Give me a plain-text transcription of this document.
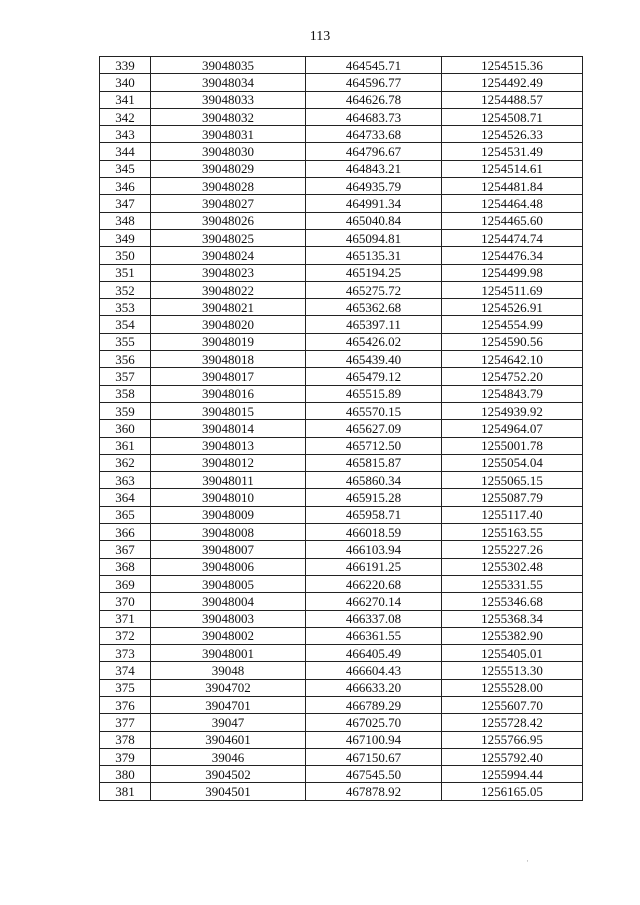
113
339	39048035	464545.71	1254515.36
340	39048034	464596.77	1254492.49
341	39048033	464626.78	1254488.57
342	39048032	464683.73	1254508.71
343	39048031	464733.68	1254526.33
344	39048030	464796.67	1254531.49
345	39048029	464843.21	1254514.61
346	39048028	464935.79	1254481.84
347	39048027	464991.34	1254464.48
348	39048026	465040.84	1254465.60
349	39048025	465094.81	1254474.74
350	39048024	465135.31	1254476.34
351	39048023	465194.25	1254499.98
352	39048022	465275.72	1254511.69
353	39048021	465362.68	1254526.91
354	39048020	465397.11	1254554.99
355	39048019	465426.02	1254590.56
356	39048018	465439.40	1254642.10
357	39048017	465479.12	1254752.20
358	39048016	465515.89	1254843.79
359	39048015	465570.15	1254939.92
360	39048014	465627.09	1254964.07
361	39048013	465712.50	1255001.78
362	39048012	465815.87	1255054.04
363	39048011	465860.34	1255065.15
364	39048010	465915.28	1255087.79
365	39048009	465958.71	1255117.40
366	39048008	466018.59	1255163.55
367	39048007	466103.94	1255227.26
368	39048006	466191.25	1255302.48
369	39048005	466220.68	1255331.55
370	39048004	466270.14	1255346.68
371	39048003	466337.08	1255368.34
372	39048002	466361.55	1255382.90
373	39048001	466405.49	1255405.01
374	39048	466604.43	1255513.30
375	3904702	466633.20	1255528.00
376	3904701	466789.29	1255607.70
377	39047	467025.70	1255728.42
378	3904601	467100.94	1255766.95
379	39046	467150.67	1255792.40
380	3904502	467545.50	1255994.44
381	3904501	467878.92	1256165.05
·
